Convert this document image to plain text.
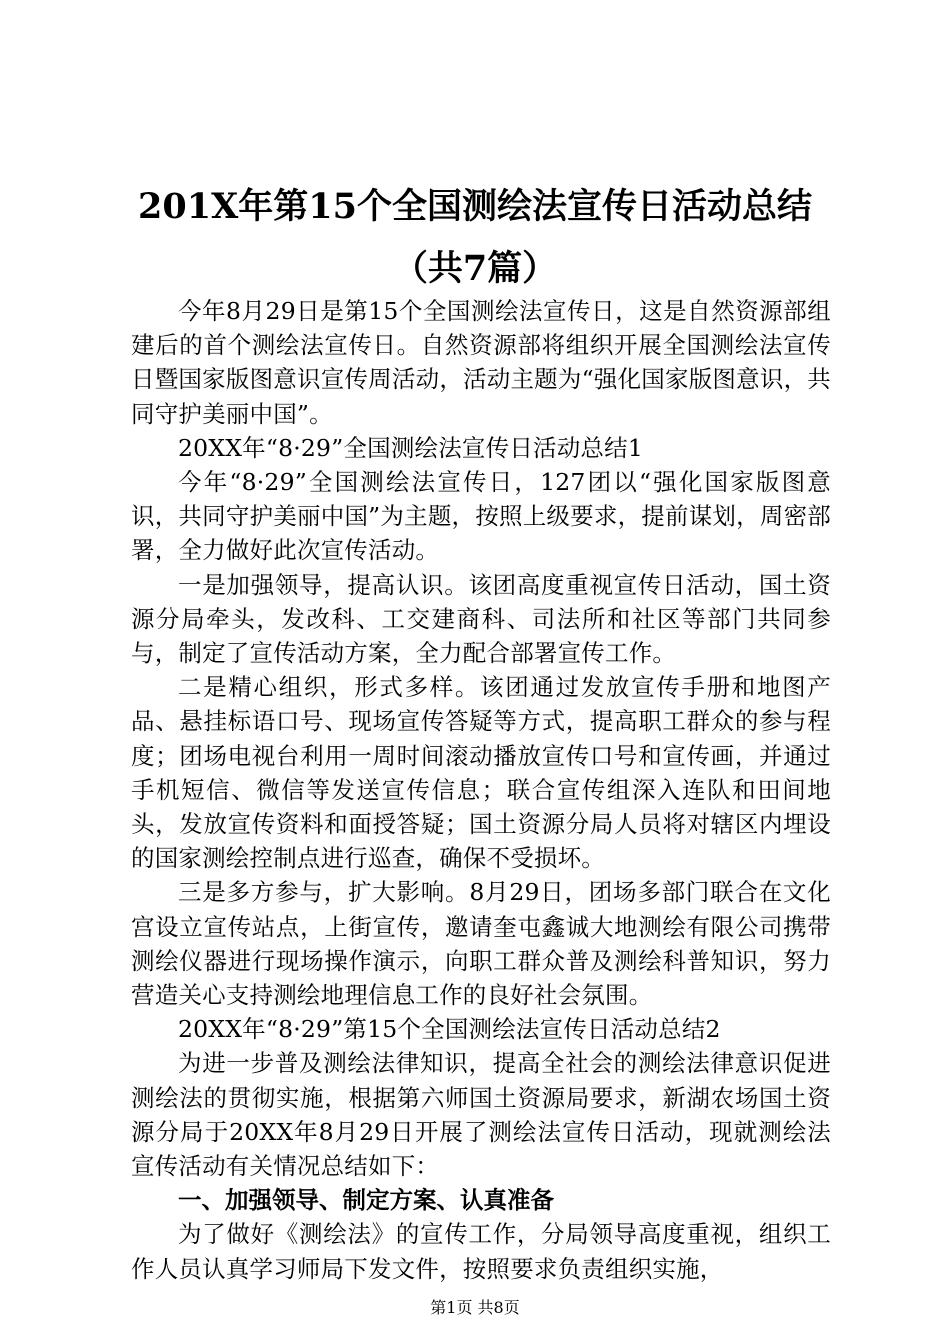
201X年第15个全国测绘法宣传日活动总结
（共7篇）

今年8月29日是第15个全国测绘法宣传日，这是自然资源部组建后的首个测绘法宣传日。自然资源部将组织开展全国测绘法宣传日暨国家版图意识宣传周活动，活动主题为“强化国家版图意识，共同守护美丽中国”。

20XX年“8·29”全国测绘法宣传日活动总结1

今年“8·29”全国测绘法宣传日，127团以“强化国家版图意识，共同守护美丽中国”为主题，按照上级要求，提前谋划，周密部署，全力做好此次宣传活动。

一是加强领导，提高认识。该团高度重视宣传日活动，国土资源分局牵头，发改科、工交建商科、司法所和社区等部门共同参与，制定了宣传活动方案，全力配合部署宣传工作。

二是精心组织，形式多样。该团通过发放宣传手册和地图产品、悬挂标语口号、现场宣传答疑等方式，提高职工群众的参与程度；团场电视台利用一周时间滚动播放宣传口号和宣传画，并通过手机短信、微信等发送宣传信息；联合宣传组深入连队和田间地头，发放宣传资料和面授答疑；国土资源分局人员将对辖区内埋设的国家测绘控制点进行巡查，确保不受损坏。

三是多方参与，扩大影响。8月29日，团场多部门联合在文化宫设立宣传站点，上街宣传，邀请奎屯鑫诚大地测绘有限公司携带测绘仪器进行现场操作演示，向职工群众普及测绘科普知识，努力营造关心支持测绘地理信息工作的良好社会氛围。

20XX年“8·29”第15个全国测绘法宣传日活动总结2

为进一步普及测绘法律知识，提高全社会的测绘法律意识促进测绘法的贯彻实施，根据第六师国土资源局要求，新湖农场国土资源分局于20XX年8月29日开展了测绘法宣传日活动，现就测绘法宣传活动有关情况总结如下：

一、加强领导、制定方案、认真准备

为了做好《测绘法》的宣传工作，分局领导高度重视，组织工作人员认真学习师局下发文件，按照要求负责组织实施，

第1页 共8页
